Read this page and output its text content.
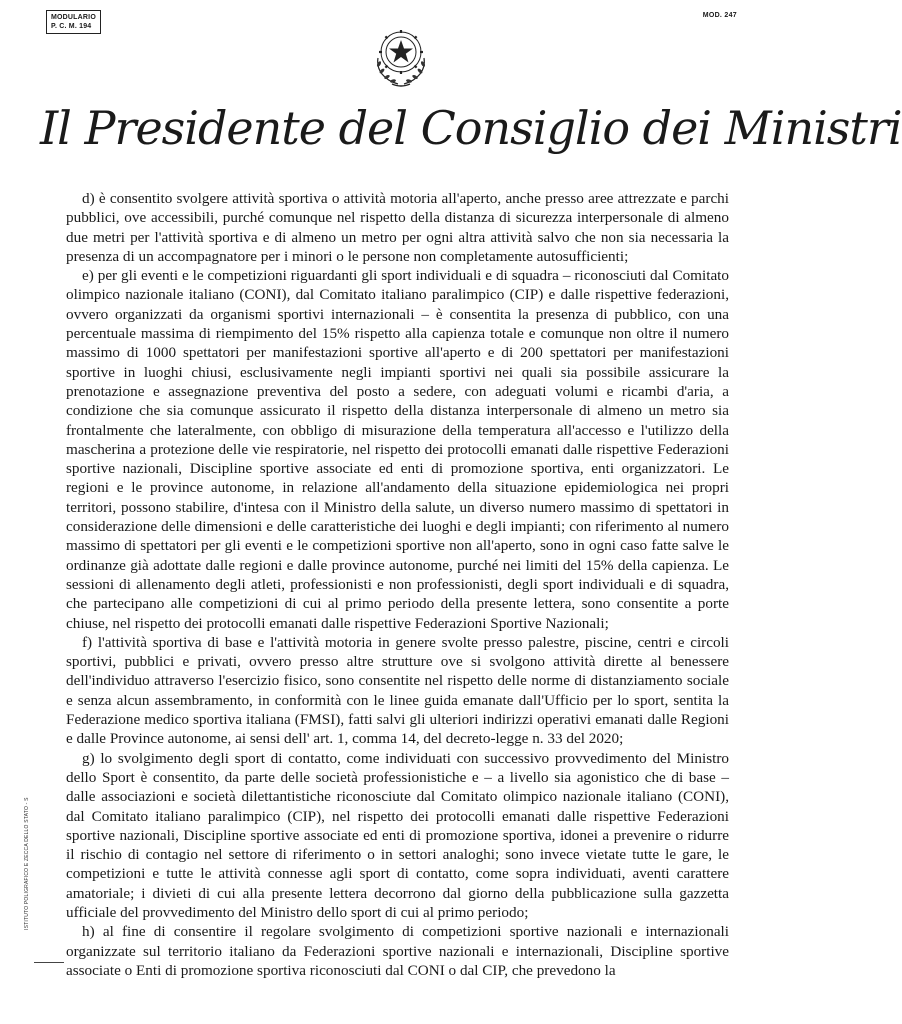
MODULARIO
P. C. M. 194
MOD. 247
Il Presidente del Consiglio dei Ministri
ISTITUTO POLIGRAFICO E ZECCA DELLO STATO - S

d) è consentito svolgere attività sportiva o attività motoria all'aperto, anche presso aree attrezzate e parchi pubblici, ove accessibili, purché comunque nel rispetto della distanza di sicurezza interpersonale di almeno due metri per l'attività sportiva e di almeno un metro per ogni altra attività salvo che non sia necessaria la presenza di un accompagnatore per i minori o le persone non completamente autosufficienti;

e) per gli eventi e le competizioni riguardanti gli sport individuali e di squadra – riconosciuti dal Comitato olimpico nazionale italiano (CONI), dal Comitato italiano paralimpico (CIP) e dalle rispettive federazioni, ovvero organizzati da organismi sportivi internazionali – è consentita la presenza di pubblico, con una percentuale massima di riempimento del 15% rispetto alla capienza totale e comunque non oltre il numero massimo di 1000 spettatori per manifestazioni sportive all'aperto e di 200 spettatori per manifestazioni sportive in luoghi chiusi, esclusivamente negli impianti sportivi nei quali sia possibile assicurare la prenotazione e assegnazione preventiva del posto a sedere, con adeguati volumi e ricambi d'aria, a condizione che sia comunque assicurato il rispetto della distanza interpersonale di almeno un metro sia frontalmente che lateralmente, con obbligo di misurazione della temperatura all'accesso e l'utilizzo della mascherina a protezione delle vie respiratorie, nel rispetto dei protocolli emanati dalle rispettive Federazioni sportive nazionali, Discipline sportive associate ed enti di promozione sportiva, enti organizzatori. Le regioni e le province autonome, in relazione all'andamento della situazione epidemiologica nei propri territori, possono stabilire, d'intesa con il Ministro della salute, un diverso numero massimo di spettatori in considerazione delle dimensioni e delle caratteristiche dei luoghi e degli impianti; con riferimento al numero massimo di spettatori per gli eventi e le competizioni sportive non all'aperto, sono in ogni caso fatte salve le ordinanze già adottate dalle regioni e dalle province autonome, purché nei limiti del 15% della capienza. Le sessioni di allenamento degli atleti, professionisti e non professionisti, degli sport individuali e di squadra, che partecipano alle competizioni di cui al primo periodo della presente lettera, sono consentite a porte chiuse, nel rispetto dei protocolli emanati dalle rispettive Federazioni Sportive Nazionali;

f) l'attività sportiva di base e l'attività motoria in genere svolte presso palestre, piscine, centri e circoli sportivi, pubblici e privati, ovvero presso altre strutture ove si svolgono attività dirette al benessere dell'individuo attraverso l'esercizio fisico, sono consentite nel rispetto delle norme di distanziamento sociale e senza alcun assembramento, in conformità con le linee guida emanate dall'Ufficio per lo sport, sentita la Federazione medico sportiva italiana (FMSI), fatti salvi gli ulteriori indirizzi operativi emanati dalle Regioni e dalle Province autonome, ai sensi dell' art. 1, comma 14, del decreto-legge n. 33 del 2020;

g) lo svolgimento degli sport di contatto, come individuati con successivo provvedimento del Ministro dello Sport è consentito, da parte delle società professionistiche e – a livello sia agonistico che di base – dalle associazioni e società dilettantistiche riconosciute dal Comitato olimpico nazionale italiano (CONI), dal Comitato italiano paralimpico (CIP), nel rispetto dei protocolli emanati dalle rispettive Federazioni sportive nazionali, Discipline sportive associate ed enti di promozione sportiva, idonei a prevenire o ridurre il rischio di contagio nel settore di riferimento o in settori analoghi; sono invece vietate tutte le gare, le competizioni e tutte le attività connesse agli sport di contatto, come sopra individuati, aventi carattere amatoriale; i divieti di cui alla presente lettera decorrono dal giorno della pubblicazione sulla gazzetta ufficiale del provvedimento del Ministro dello sport di cui al primo periodo;

h) al fine di consentire il regolare svolgimento di competizioni sportive nazionali e internazionali organizzate sul territorio italiano da Federazioni sportive nazionali e internazionali, Discipline sportive associate o Enti di promozione sportiva riconosciuti dal CONI o dal CIP, che prevedono la
